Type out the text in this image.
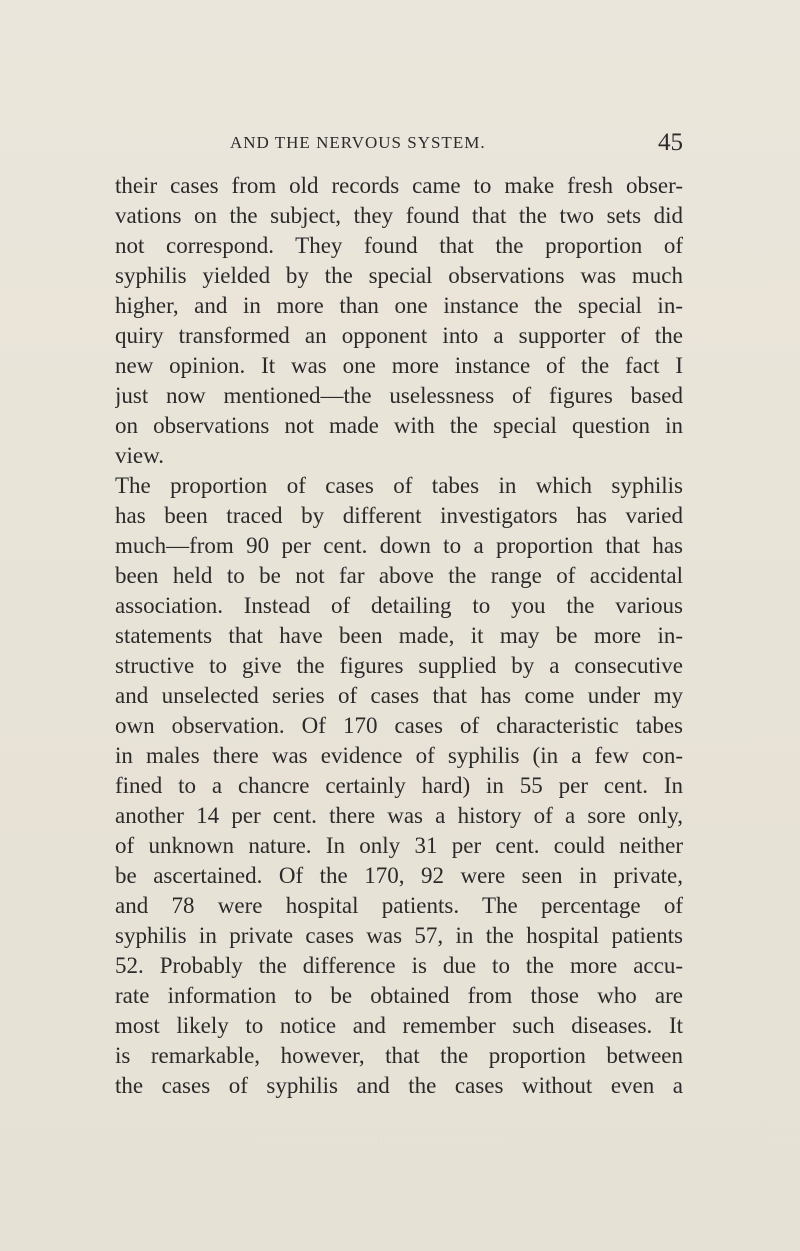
AND THE NERVOUS SYSTEM.	45
their cases from old records came to make fresh obser-
vations on the subject, they found that the two sets did
not correspond. They found that the proportion of
syphilis yielded by the special observations was much
higher, and in more than one instance the special in-
quiry transformed an opponent into a supporter of the
new opinion. It was one more instance of the fact I
just now mentioned—the uselessness of figures based
on observations not made with the special question in
view.
The proportion of cases of tabes in which syphilis
has been traced by different investigators has varied
much—from 90 per cent. down to a proportion that has
been held to be not far above the range of accidental
association. Instead of detailing to you the various
statements that have been made, it may be more in-
structive to give the figures supplied by a consecutive
and unselected series of cases that has come under my
own observation. Of 170 cases of characteristic tabes
in males there was evidence of syphilis (in a few con-
fined to a chancre certainly hard) in 55 per cent. In
another 14 per cent. there was a history of a sore only,
of unknown nature. In only 31 per cent. could neither
be ascertained. Of the 170, 92 were seen in private,
and 78 were hospital patients. The percentage of
syphilis in private cases was 57, in the hospital patients
52. Probably the difference is due to the more accu-
rate information to be obtained from those who are
most likely to notice and remember such diseases. It
is remarkable, however, that the proportion between
the cases of syphilis and the cases without even a
